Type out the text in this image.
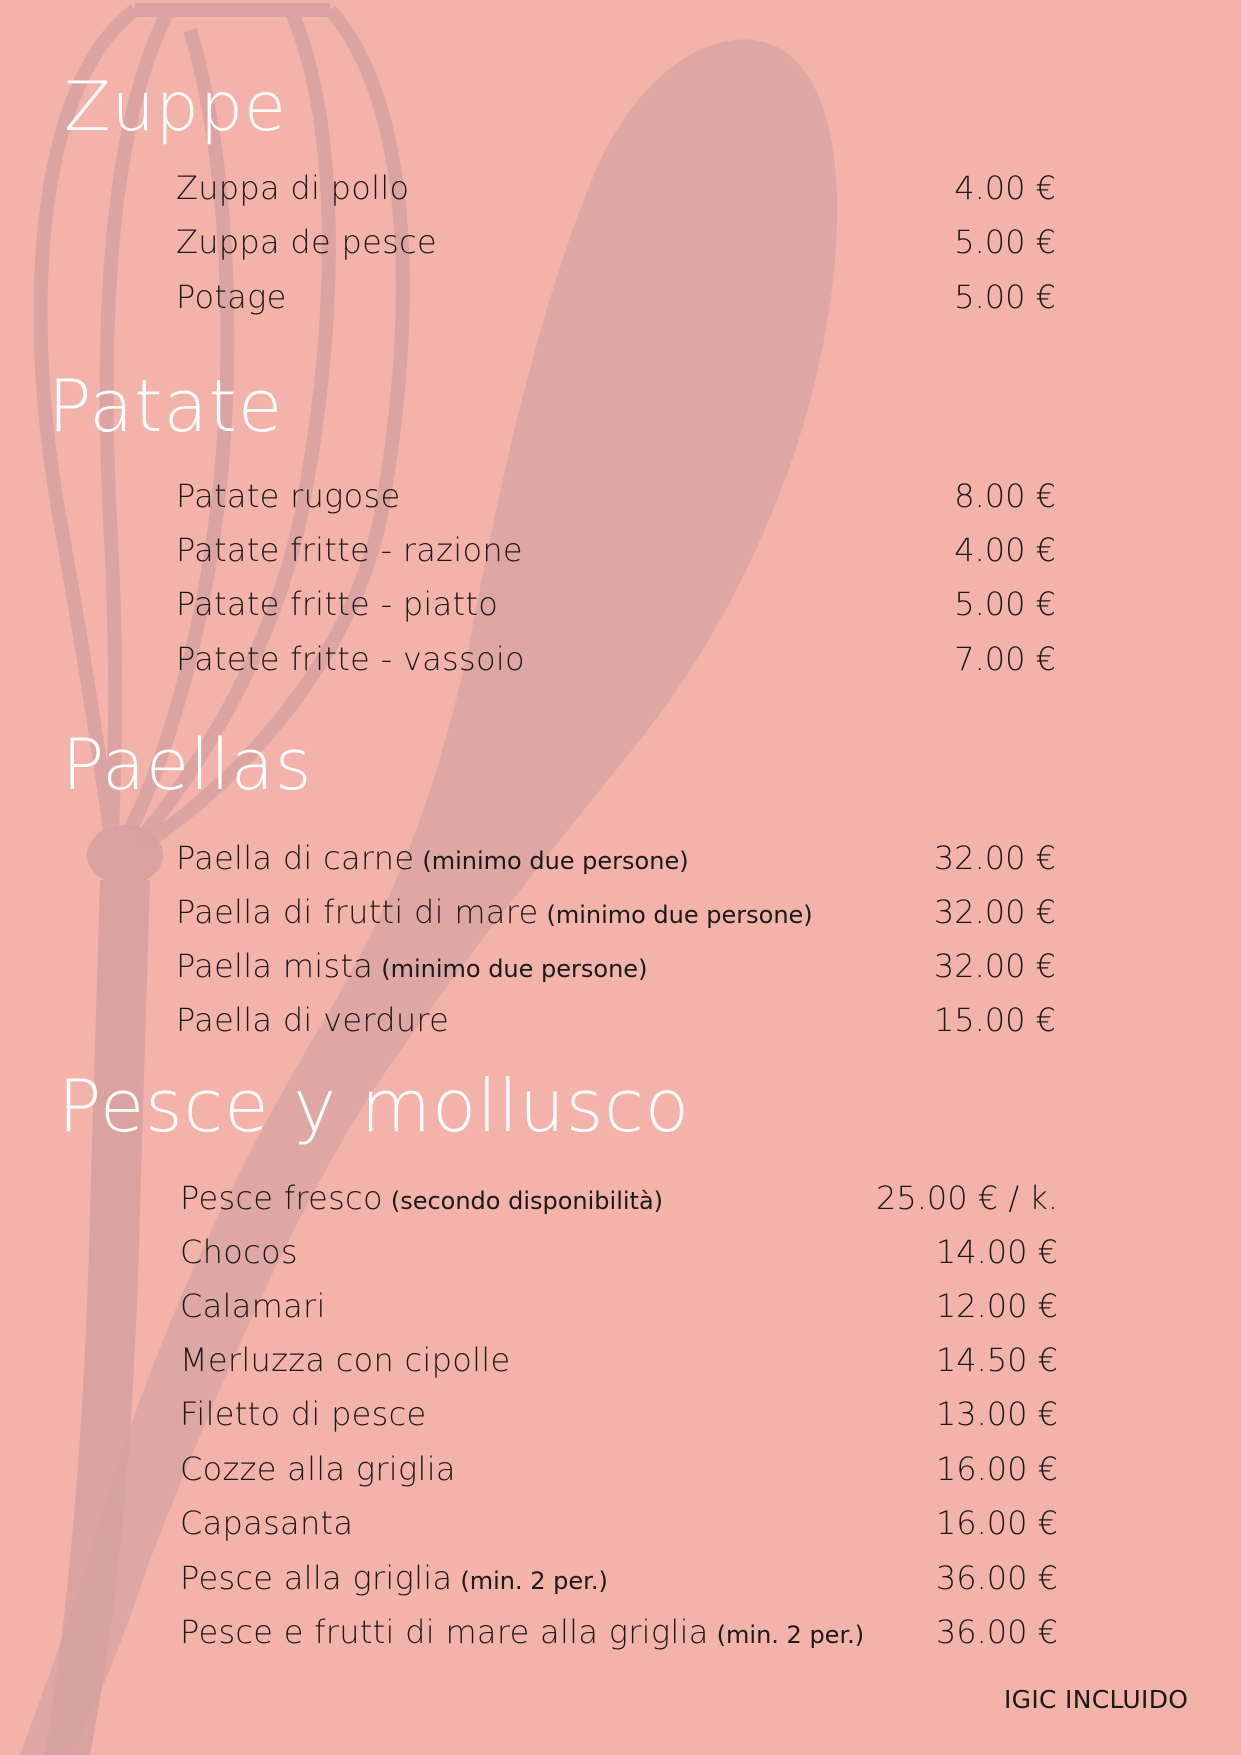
Zuppe
Zuppa di pollo	4.00 €
Zuppa de pesce	5.00 €
Potage	5.00 €
Patate
Patate rugose	8.00 €
Patate fritte - razione	4.00 €
Patate fritte - piatto	5.00 €
Patete fritte - vassoio	7.00 €
Paellas
Paella di carne (minimo due persone)	32.00 €
Paella di frutti di mare (minimo due persone)	32.00 €
Paella mista (minimo due persone)	32.00 €
Paella di verdure	15.00 €
Pesce y mollusco
Pesce fresco (secondo disponibilità)	25.00 € / k.
Chocos	14.00 €
Calamari	12.00 €
Merluzza con cipolle	14.50 €
Filetto di pesce	13.00 €
Cozze alla griglia	16.00 €
Capasanta	16.00 €
Pesce alla griglia (min. 2 per.)	36.00 €
Pesce e frutti di mare alla griglia (min. 2 per.) 36.00 €
IGIC INCLUIDO
